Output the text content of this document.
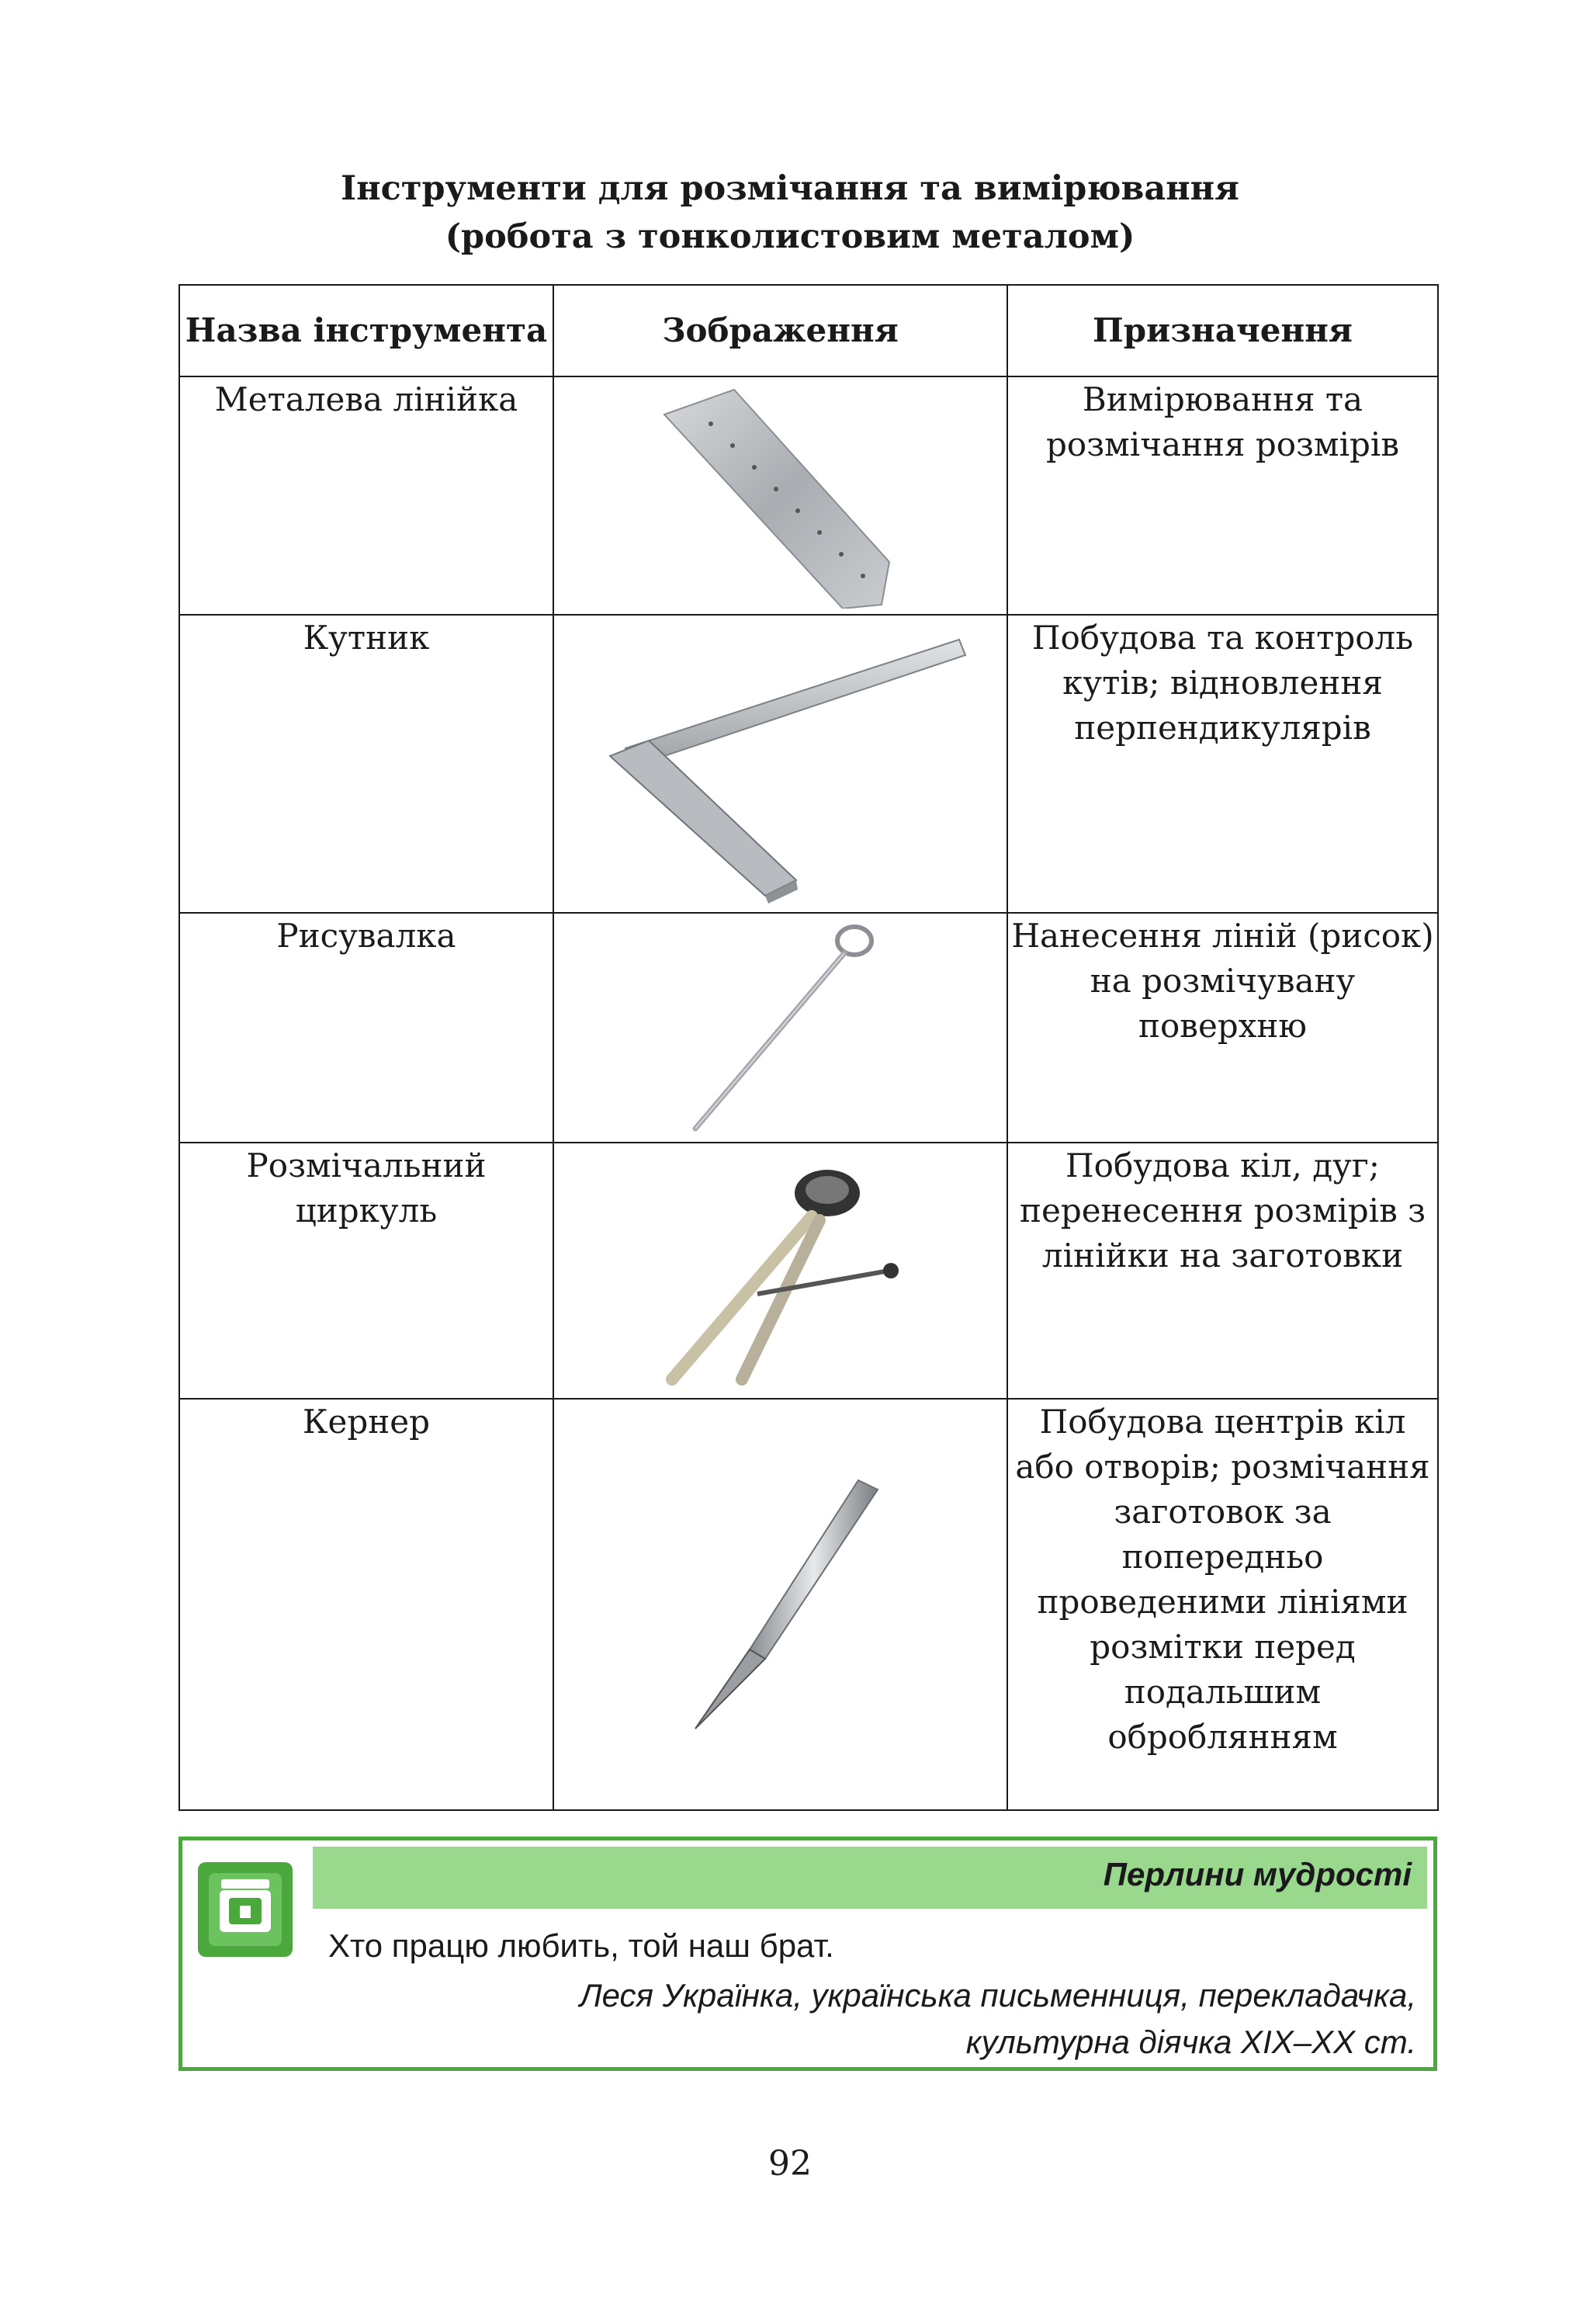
Інструменти для розмічання та вимірювання
(робота з тонколистовим металом)
Назва інструмента	Зображення	Призначення
Металева лінійка		Вимірювання та розмічання розмірів
Кутник		Побудова та контроль кутів; відновлення перпендикулярів
Рисувалка		Нанесення ліній (рисок) на розмічувану поверхню
Розмічальний циркуль		Побудова кіл, дуг; перенесення розмірів з лінійки на заготовки
Кернер		Побудова центрів кіл або отворів; розмічання заготовок за попередньо проведеними лініями розмітки перед подальшим оброблянням
Перлини мудрості
Хто працю любить, той наш брат.
Леся Українка, українська письменниця, перекладачка, культурна діячка XIX–XX ст.
92
